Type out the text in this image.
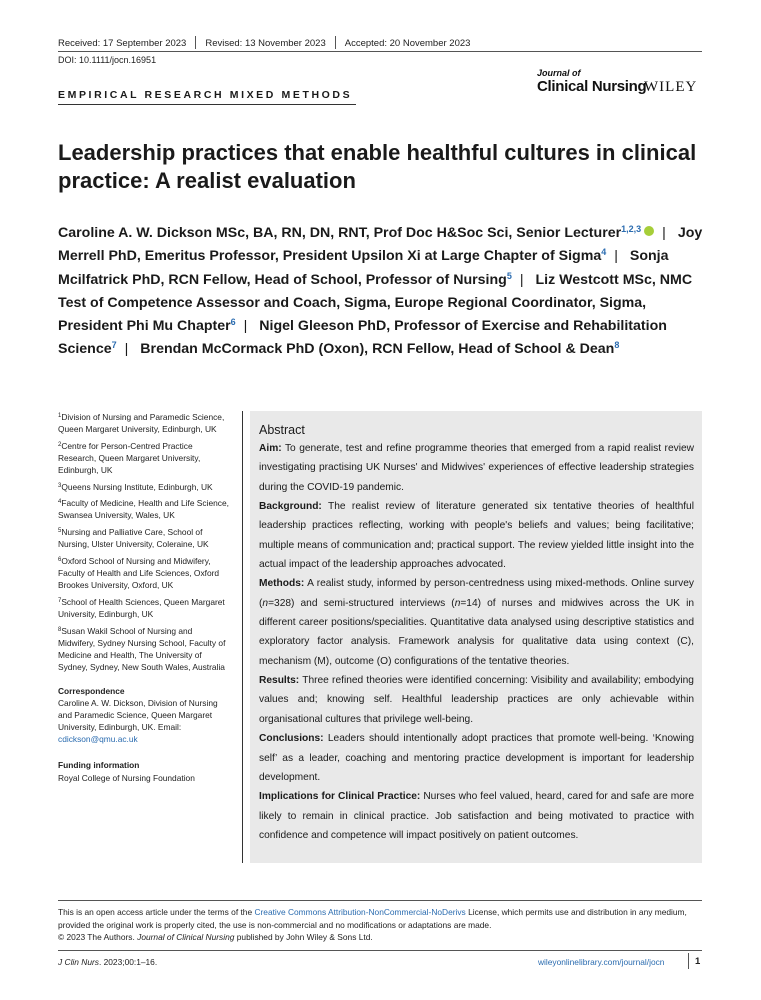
Received: 17 September 2023 Revised: 13 November 2023 Accepted: 20 November 2023
DOI: 10.1111/jocn.16951
EMPIRICAL RESEARCH MIXED METHODS
Journal of
Clinical Nursing
WILEY
Leadership practices that enable healthful cultures in clinical practice: A realist evaluation
Caroline A. W. Dickson MSc, BA, RN, DN, RNT, Prof Doc H&Soc Sci, Senior Lecturer$^{1,2,3}$ | Joy Merrell PhD, Emeritus Professor, President Upsilon Xi at Large Chapter of Sigma$^4$ | Sonja Mcilfatrick PhD, RCN Fellow, Head of School, Professor of Nursing$^5$ | Liz Westcott MSc, NMC Test of Competence Assessor and Coach, Sigma, Europe Regional Coordinator, Sigma, President Phi Mu Chapter$^6$ | Nigel Gleeson PhD, Professor of Exercise and Rehabilitation Science$^7$ | Brendan McCormack PhD (Oxon), RCN Fellow, Head of School & Dean$^8$
$^1$Division of Nursing and Paramedic Science, Queen Margaret University, Edinburgh, UK
$^2$Centre for Person-Centred Practice Research, Queen Margaret University, Edinburgh, UK
$^3$Queens Nursing Institute, Edinburgh, UK
$^4$Faculty of Medicine, Health and Life Science, Swansea University, Wales, UK
$^5$Nursing and Palliative Care, School of Nursing, Ulster University, Coleraine, UK
$^6$Oxford School of Nursing and Midwifery, Faculty of Health and Life Sciences, Oxford Brookes University, Oxford, UK
$^7$School of Health Sciences, Queen Margaret University, Edinburgh, UK
$^8$Susan Wakil School of Nursing and Midwifery, Sydney Nursing School, Faculty of Medicine and Health, The University of Sydney, Sydney, New South Wales, Australia
Correspondence
Caroline A. W. Dickson, Division of Nursing and Paramedic Science, Queen Margaret University, Edinburgh, UK. Email: cdickson@qmu.ac.uk
Funding information
Royal College of Nursing Foundation
Abstract
Aim: To generate, test and refine programme theories that emerged from a rapid realist review investigating practising UK Nurses' and Midwives' experiences of effective leadership strategies during the COVID-19 pandemic.
Background: The realist review of literature generated six tentative theories of healthful leadership practices reflecting, working with people's beliefs and values; being facilitative; multiple means of communication and; practical support. The review yielded little insight into the actual impact of the leadership approaches advocated.
Methods: A realist study, informed by person-centredness using mixed-methods. Online survey (n=328) and semi-structured interviews (n=14) of nurses and midwives across the UK in different career positions/specialities. Quantitative data analysed using descriptive statistics and exploratory factor analysis. Framework analysis for qualitative data using context (C), mechanism (M), outcome (O) configurations of the tentative theories.
Results: Three refined theories were identified concerning: Visibility and availability; embodying values and; knowing self. Healthful leadership practices are only achievable within organisational cultures that privilege well-being.
Conclusions: Leaders should intentionally adopt practices that promote well-being. ‘Knowing self’ as a leader, coaching and mentoring practice development is important for leadership development.
Implications for Clinical Practice: Nurses who feel valued, heard, cared for and safe are more likely to remain in clinical practice. Job satisfaction and being motivated to practice with confidence and competence will impact positively on patient outcomes.
This is an open access article under the terms of the Creative Commons Attribution-NonCommercial-NoDerivs License, which permits use and distribution in any medium, provided the original work is properly cited, the use is non-commercial and no modifications or adaptations are made.
© 2023 The Authors. Journal of Clinical Nursing published by John Wiley & Sons Ltd.
J Clin Nurs. 2023;00:1–16.	wileyonlinelibrary.com/journal/jocn	1
